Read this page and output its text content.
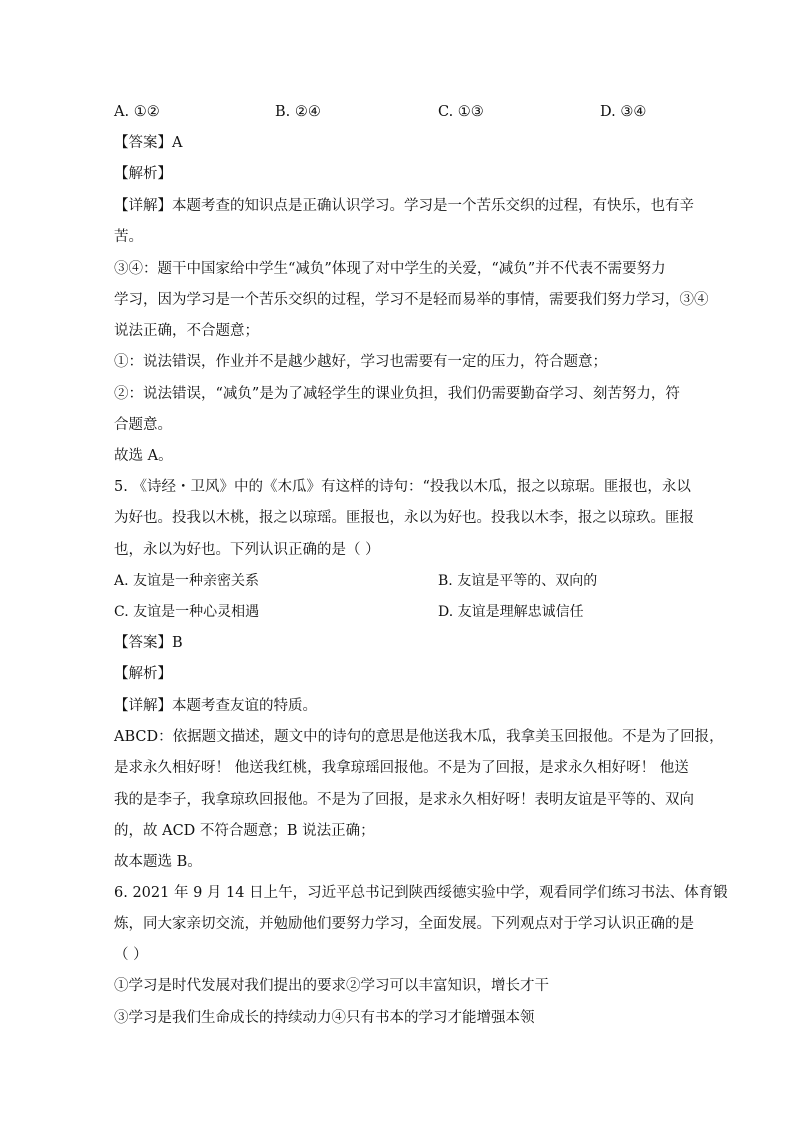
A. ①②	B. ②④	C. ①③	D. ③④
【答案】A
【解析】
【详解】本题考查的知识点是正确认识学习。学习是一个苦乐交织的过程，有快乐，也有辛
苦。
③④：题干中国家给中学生“减负”体现了对中学生的关爱，“减负”并不代表不需要努力
学习，因为学习是一个苦乐交织的过程，学习不是轻而易举的事情，需要我们努力学习，③④
说法正确，不合题意；
①：说法错误，作业并不是越少越好，学习也需要有一定的压力，符合题意；
②：说法错误，“减负”是为了减轻学生的课业负担，我们仍需要勤奋学习、刻苦努力，符
合题意。
故选 A。
5. 《诗经・卫风》中的《木瓜》有这样的诗句：“投我以木瓜，报之以琼琚。匪报也，永以
为好也。投我以木桃，报之以琼瑶。匪报也，永以为好也。投我以木李，报之以琼玖。匪报
也，永以为好也。下列认识正确的是（ ）
A. 友谊是一种亲密关系	B. 友谊是平等的、双向的
C. 友谊是一种心灵相遇	D. 友谊是理解忠诚信任
【答案】B
【解析】
【详解】本题考查友谊的特质。
ABCD：依据题文描述，题文中的诗句的意思是他送我木瓜，我拿美玉回报他。不是为了回报，
是求永久相好呀！ 他送我红桃，我拿琼瑶回报他。不是为了回报，是求永久相好呀！ 他送
我的是李子，我拿琼玖回报他。不是为了回报，是求永久相好呀！表明友谊是平等的、双向
的，故 ACD 不符合题意；B 说法正确；
故本题选 B。
6. 2021 年 9 月 14 日上午，习近平总书记到陕西绥德实验中学，观看同学们练习书法、体育锻
炼，同大家亲切交流，并勉励他们要努力学习，全面发展。下列观点对于学习认识正确的是
（ ）
①学习是时代发展对我们提出的要求②学习可以丰富知识，增长才干
③学习是我们生命成长的持续动力④只有书本的学习才能增强本领
